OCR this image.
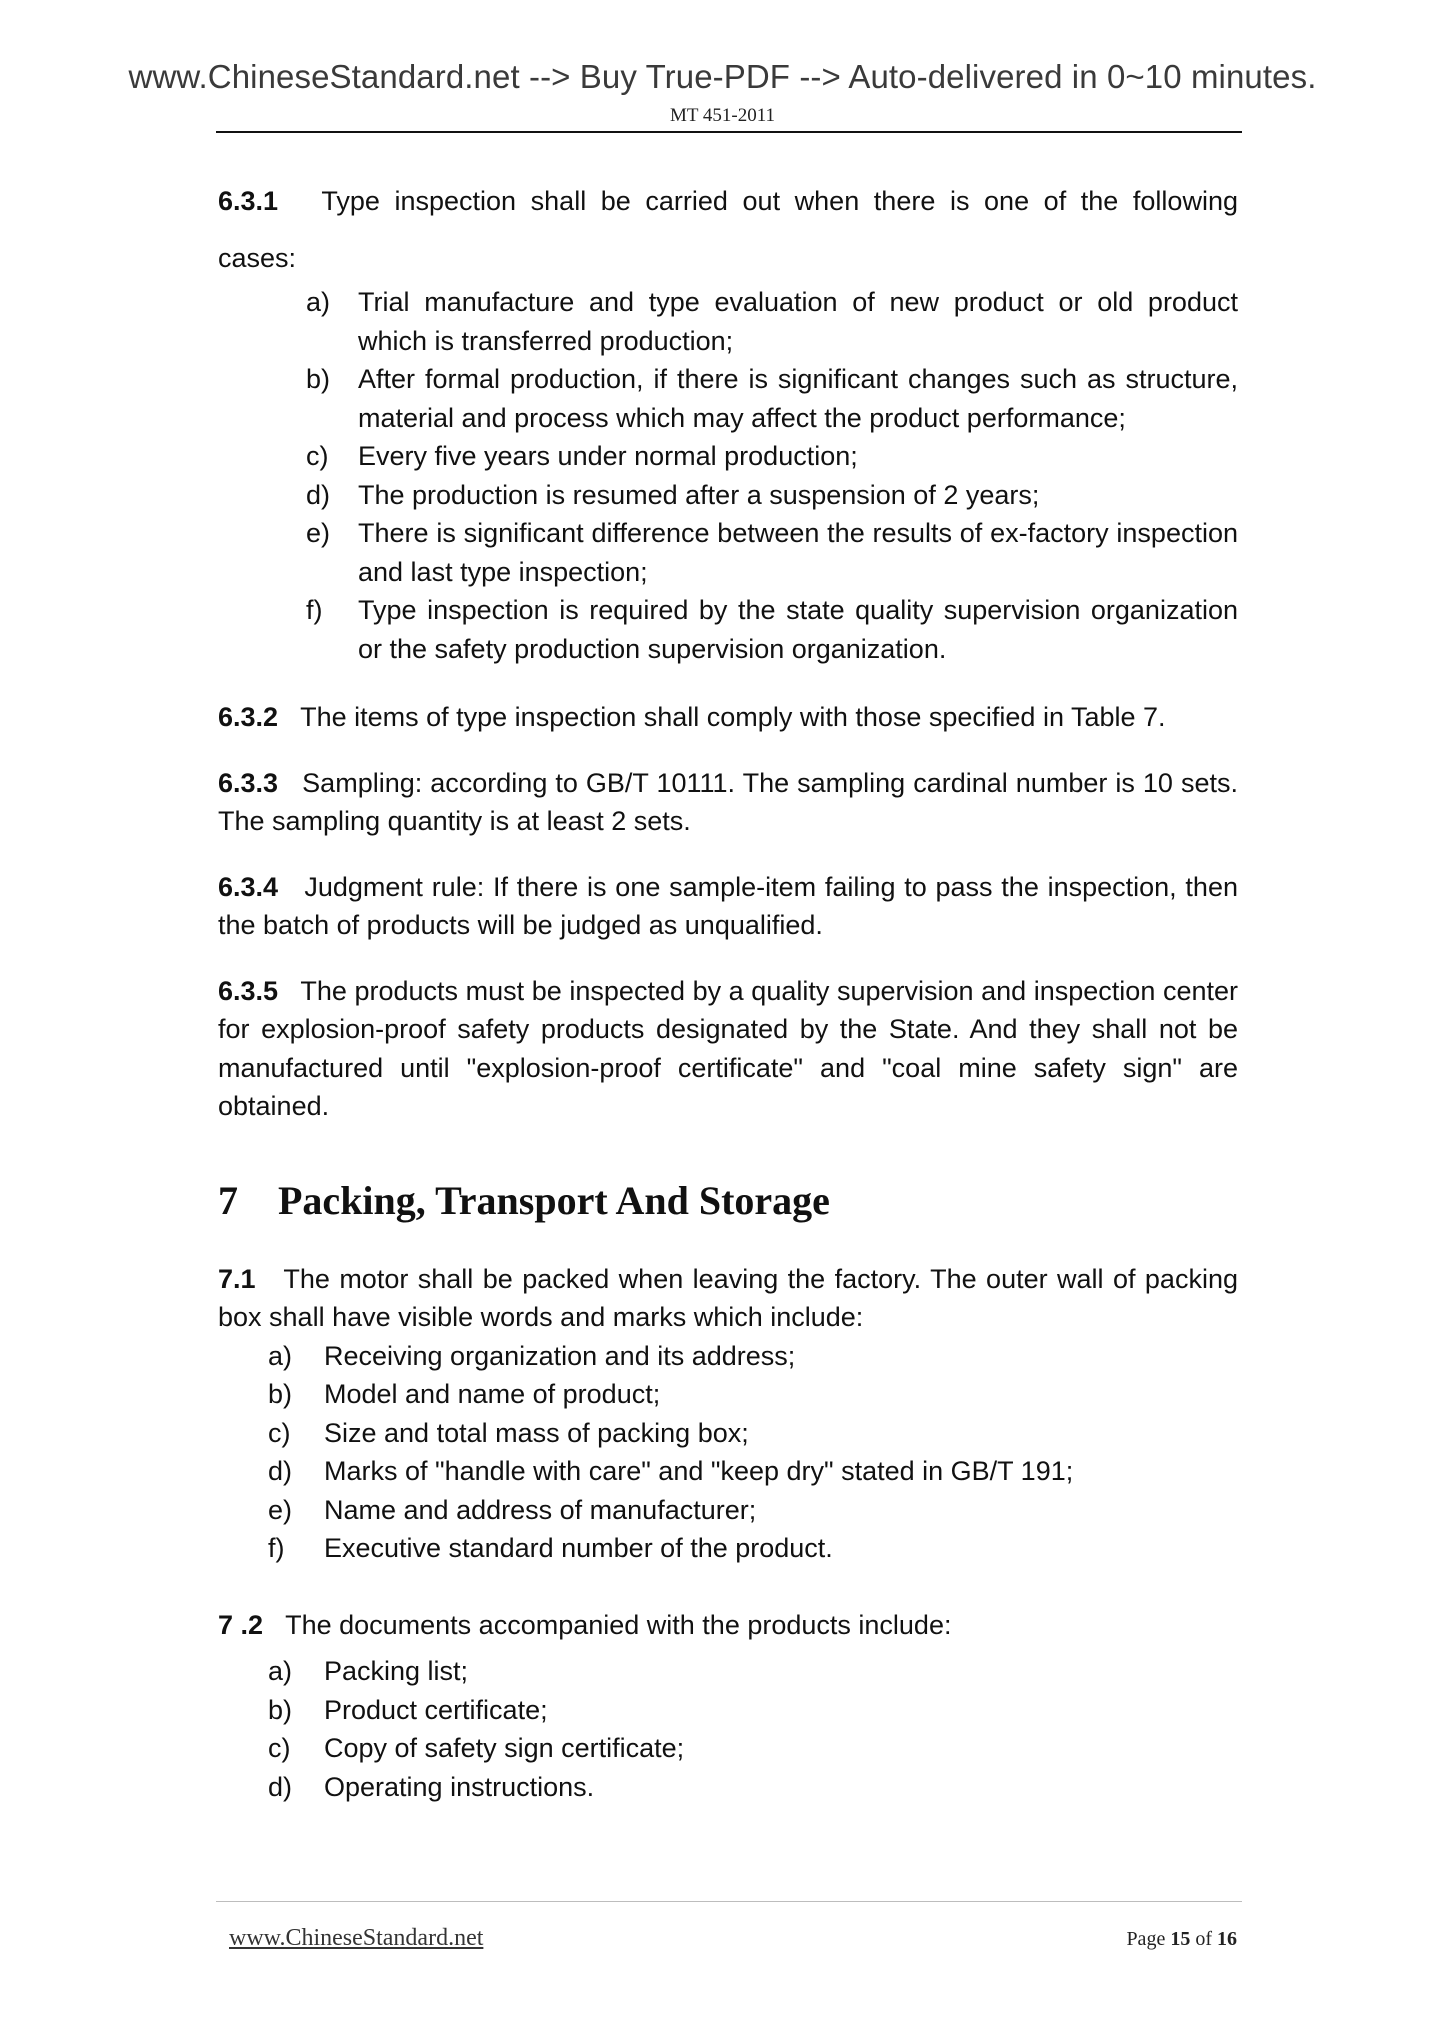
www.ChineseStandard.net --> Buy True-PDF --> Auto-delivered in 0~10 minutes.
MT 451-2011

6.3.1 Type inspection shall be carried out when there is one of the following

cases:

a) Trial manufacture and type evaluation of new product or old product which is transferred production;
b) After formal production, if there is significant changes such as structure, material and process which may affect the product performance;
c) Every five years under normal production;
d) The production is resumed after a suspension of 2 years;
e) There is significant difference between the results of ex-factory inspection and last type inspection;
f) Type inspection is required by the state quality supervision organization or the safety production supervision organization.

6.3.2 The items of type inspection shall comply with those specified in Table 7.

6.3.3 Sampling: according to GB/T 10111. The sampling cardinal number is 10 sets. The sampling quantity is at least 2 sets.

6.3.4 Judgment rule: If there is one sample-item failing to pass the inspection, then the batch of products will be judged as unqualified.

6.3.5 The products must be inspected by a quality supervision and inspection center for explosion-proof safety products designated by the State. And they shall not be manufactured until "explosion-proof certificate" and "coal mine safety sign" are obtained.

7 Packing, Transport And Storage

7.1 The motor shall be packed when leaving the factory. The outer wall of packing box shall have visible words and marks which include:

a) Receiving organization and its address;
b) Model and name of product;
c) Size and total mass of packing box;
d) Marks of "handle with care" and "keep dry" stated in GB/T 191;
e) Name and address of manufacturer;
f) Executive standard number of the product.

7 .2 The documents accompanied with the products include:

a) Packing list;
b) Product certificate;
c) Copy of safety sign certificate;
d) Operating instructions.
www.ChineseStandard.net	Page 15 of 16
